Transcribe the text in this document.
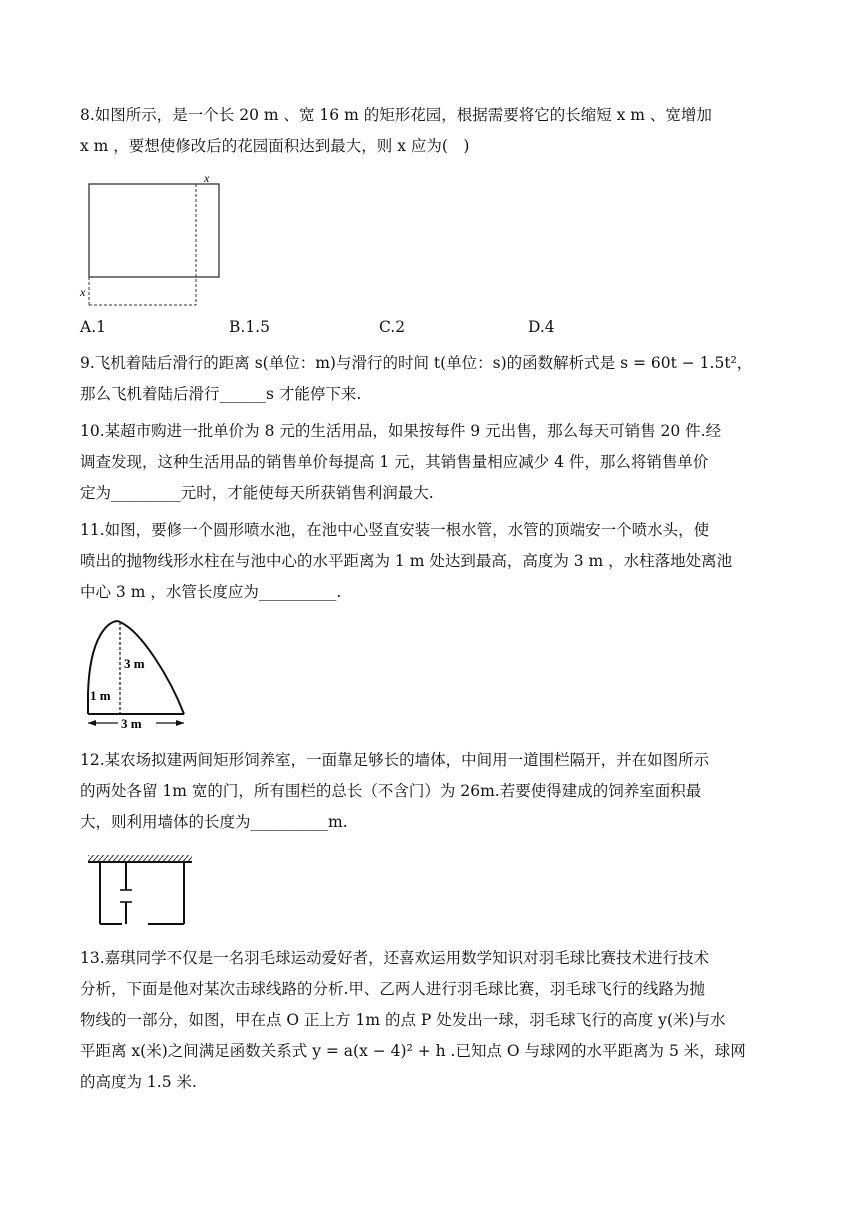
8.如图所示，是一个长 20 m 、宽 16 m 的矩形花园，根据需要将它的长缩短 x m 、宽增加
x m ，要想使修改后的花园面积达到最大，则 x 应为(　)
x
x
A.1	B.1.5	C.2	D.4
9.飞机着陆后滑行的距离 s(单位：m)与滑行的时间 t(单位：s)的函数解析式是 s = 60t − 1.5t²，
那么飞机着陆后滑行______s 才能停下来.
10.某超市购进一批单价为 8 元的生活用品，如果按每件 9 元出售，那么每天可销售 20 件.经
调查发现，这种生活用品的销售单价每提高 1 元，其销售量相应减少 4 件，那么将销售单价
定为_________元时，才能使每天所获销售利润最大.
11.如图，要修一个圆形喷水池，在池中心竖直安装一根水管，水管的顶端安一个喷水头，使
喷出的抛物线形水柱在与池中心的水平距离为 1 m 处达到最高，高度为 3 m ，水柱落地处离池
中心 3 m ，水管长度应为__________.
3 m
1 m
3 m
12.某农场拟建两间矩形饲养室，一面靠足够长的墙体，中间用一道围栏隔开，并在如图所示
的两处各留 1m 宽的门，所有围栏的总长（不含门）为 26m.若要使得建成的饲养室面积最
大，则利用墙体的长度为__________m.
13.嘉琪同学不仅是一名羽毛球运动爱好者，还喜欢运用数学知识对羽毛球比赛技术进行技术
分析，下面是他对某次击球线路的分析.甲、乙两人进行羽毛球比赛，羽毛球飞行的线路为抛
物线的一部分，如图，甲在点 O 正上方 1m 的点 P 处发出一球，羽毛球飞行的高度 y(米)与水
平距离 x(米)之间满足函数关系式 y = a(x − 4)² + h .已知点 O 与球网的水平距离为 5 米，球网
的高度为 1.5 米.
